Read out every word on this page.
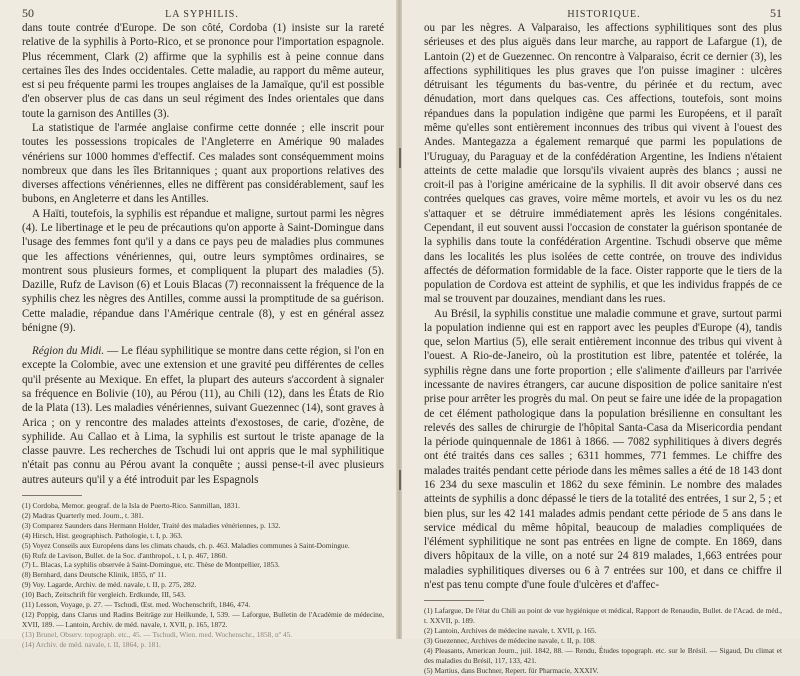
50	LA SYPHILIS.

dans toute contrée d'Europe. De son côté, Cordoba (1) insiste sur la rareté relative de la syphilis à Porto-Rico, et se prononce pour l'importation espagnole. Plus récemment, Clark (2) affirme que la syphilis est à peine connue dans certaines îles des Indes occidentales. Cette maladie, au rapport du même auteur, est si peu fréquente parmi les troupes anglaises de la Jamaïque, qu'il est possible d'en observer plus de cas dans un seul régiment des Indes orientales que dans toute la garnison des Antilles (3).

La statistique de l'armée anglaise confirme cette donnée ; elle inscrit pour toutes les possessions tropicales de l'Angleterre en Amérique 90 malades vénériens sur 1000 hommes d'effectif. Ces malades sont conséquemment moins nombreux que dans les îles Britanniques ; quant aux proportions relatives des diverses affections vénériennes, elles ne diffèrent pas considérablement, sauf les bubons, en Angleterre et dans les Antilles.

A Haïti, toutefois, la syphilis est répandue et maligne, surtout parmi les nègres (4). Le libertinage et le peu de précautions qu'on apporte à Saint-Domingue dans l'usage des femmes font qu'il y a dans ce pays peu de maladies plus communes que les affections vénériennes, qui, outre leurs symptômes ordinaires, se montrent sous plusieurs formes, et compliquent la plupart des maladies (5). Dazille, Rufz de Lavison (6) et Louis Blacas (7) reconnaissent la fréquence de la syphilis chez les nègres des Antilles, comme aussi la promptitude de sa guérison. Cette maladie, répandue dans l'Amérique centrale (8), y est en général assez bénigne (9).

Région du Midi. — Le fléau syphilitique se montre dans cette région, si l'on en excepte la Colombie, avec une extension et une gravité peu différentes de celles qu'il présente au Mexique. En effet, la plupart des auteurs s'accordent à signaler sa fréquence en Bolivie (10), au Pérou (11), au Chili (12), dans les États de Rio de la Plata (13). Les maladies vénériennes, suivant Guezennec (14), sont graves à Arica ; on y rencontre des malades atteints d'exostoses, de carie, d'ozène, de syphilide. Au Callao et à Lima, la syphilis est surtout le triste apanage de la classe pauvre. Les recherches de Tschudi lui ont appris que le mal syphilitique n'était pas connu au Pérou avant la conquête ; aussi pense-t-il avec plusieurs autres auteurs qu'il y a été introduit par les Espagnols

(1) Cordoba, Memor. geograf. de la Isla de Puerto-Rico. Sanmillan, 1831.
(2) Madras Quarterly med. Journ., t. 381.
(3) Comparez Saunders dans Hermann Holder, Traité des maladies vénériennes, p. 132.
(4) Hirsch, Hist. geographisch. Pathologie, t. I, p. 363.
(5) Voyez Conseils aux Européens dans les climats chauds, ch. p. 463. Maladies communes à Saint-Domingue.
(6) Rufz de Lavison, Bullet. de la Soc. d'anthropol., t. I, p. 467, 1860.
(7) L. Blacas, La syphilis observée à Saint-Domingue, etc. Thèse de Montpellier, 1853.
(8) Bernhard, dans Deutsche Klinik, 1855, nº 11.
(9) Voy. Lagarde, Archiv. de méd. navale, t. II, p. 275, 282.
(10) Bach, Zeitschrift für vergleich. Erdkunde, III, 543.
(11) Lesson, Voyage, p. 27. — Tschudi, Œst. med. Wochenschrift, 1846, 474.
(12) Poppig, dans Clarus und Radins Beiträge zur Heilkunde, I, 539. — Laforgue, Bulletin de l'Académie de médecine, XVII, 189. — Lantoin, Archiv. de méd. navale, t. XVII, p. 165, 1872.
(13) Brunel, Observ. topograph. etc., 45. — Tschudi, Wien. med. Wochenschr., 1858, nº 45.
(14) Archiv. de méd. navale, t. II, 1864, p. 181.
HISTORIQUE.	51

ou par les nègres. A Valparaiso, les affections syphilitiques sont des plus sérieuses et des plus aiguës dans leur marche, au rapport de Lafargue (1), de Lantoin (2) et de Guezennec. On rencontre à Valparaiso, écrit ce dernier (3), les affections syphilitiques les plus graves que l'on puisse imaginer : ulcères détruisant les téguments du bas-ventre, du périnée et du rectum, avec dénudation, mort dans quelques cas. Ces affections, toutefois, sont moins répandues dans la population indigène que parmi les Européens, et il paraît même qu'elles sont entièrement inconnues des tribus qui vivent à l'ouest des Andes. Mantegazza a également remarqué que parmi les populations de l'Uruguay, du Paraguay et de la confédération Argentine, les Indiens n'étaient atteints de cette maladie que lorsqu'ils vivaient auprès des blancs ; aussi ne croit-il pas à l'origine américaine de la syphilis. Il dit avoir observé dans ces contrées quelques cas graves, voire même mortels, et avoir vu les os du nez s'attaquer et se détruire immédiatement après les lésions congénitales. Cependant, il eut souvent aussi l'occasion de constater la guérison spontanée de la syphilis dans toute la confédération Argentine. Tschudi observe que même dans les localités les plus isolées de cette contrée, on trouve des individus affectés de déformation formidable de la face. Oister rapporte que le tiers de la population de Cordova est atteint de syphilis, et que les individus frappés de ce mal se trouvent par douzaines, mendiant dans les rues.

Au Brésil, la syphilis constitue une maladie commune et grave, surtout parmi la population indienne qui est en rapport avec les peuples d'Europe (4), tandis que, selon Martius (5), elle serait entièrement inconnue des tribus qui vivent à l'ouest. A Rio-de-Janeiro, où la prostitution est libre, patentée et tolérée, la syphilis règne dans une forte proportion ; elle s'alimente d'ailleurs par l'arrivée incessante de navires étrangers, car aucune disposition de police sanitaire n'est prise pour arrêter les progrès du mal. On peut se faire une idée de la propagation de cet élément pathologique dans la population brésilienne en consultant les relevés des salles de chirurgie de l'hôpital Santa-Casa da Misericordia pendant la période quinquennale de 1861 à 1866. — 7082 syphilitiques à divers degrés ont été traités dans ces salles ; 6311 hommes, 771 femmes. Le chiffre des malades traités pendant cette période dans les mêmes salles a été de 18 143 dont 16 234 du sexe masculin et 1862 du sexe féminin. Le nombre des malades atteints de syphilis a donc dépassé le tiers de la totalité des entrées, 1 sur 2, 5 ; et bien plus, sur les 42 141 malades admis pendant cette période de 5 ans dans le service médical du même hôpital, beaucoup de maladies compliquées de l'élément syphilitique ne sont pas entrées en ligne de compte. En 1869, dans divers hôpitaux de la ville, on a noté sur 24 819 malades, 1,663 entrées pour maladies syphilitiques diverses ou 6 à 7 entrées sur 100, et dans ce chiffre il n'est pas tenu compte d'une foule d'ulcères et d'affec-

(1) Lafargue, De l'état du Chili au point de vue hygiénique et médical, Rapport de Renaudin, Bullet. de l'Acad. de méd., t. XXVII, p. 189.
(2) Lantoin, Archives de médecine navale, t. XVII, p. 165.
(3) Guezennec, Archives de médecine navale, t. II, p. 108.
(4) Pleasants, American Journ., juil. 1842, 88. — Rendu, Études topograph. etc. sur le Brésil. — Sigaud, Du climat et des maladies du Brésil, 117, 133, 421.
(5) Martius, dans Buchner, Repert. für Pharmacie, XXXIV.
